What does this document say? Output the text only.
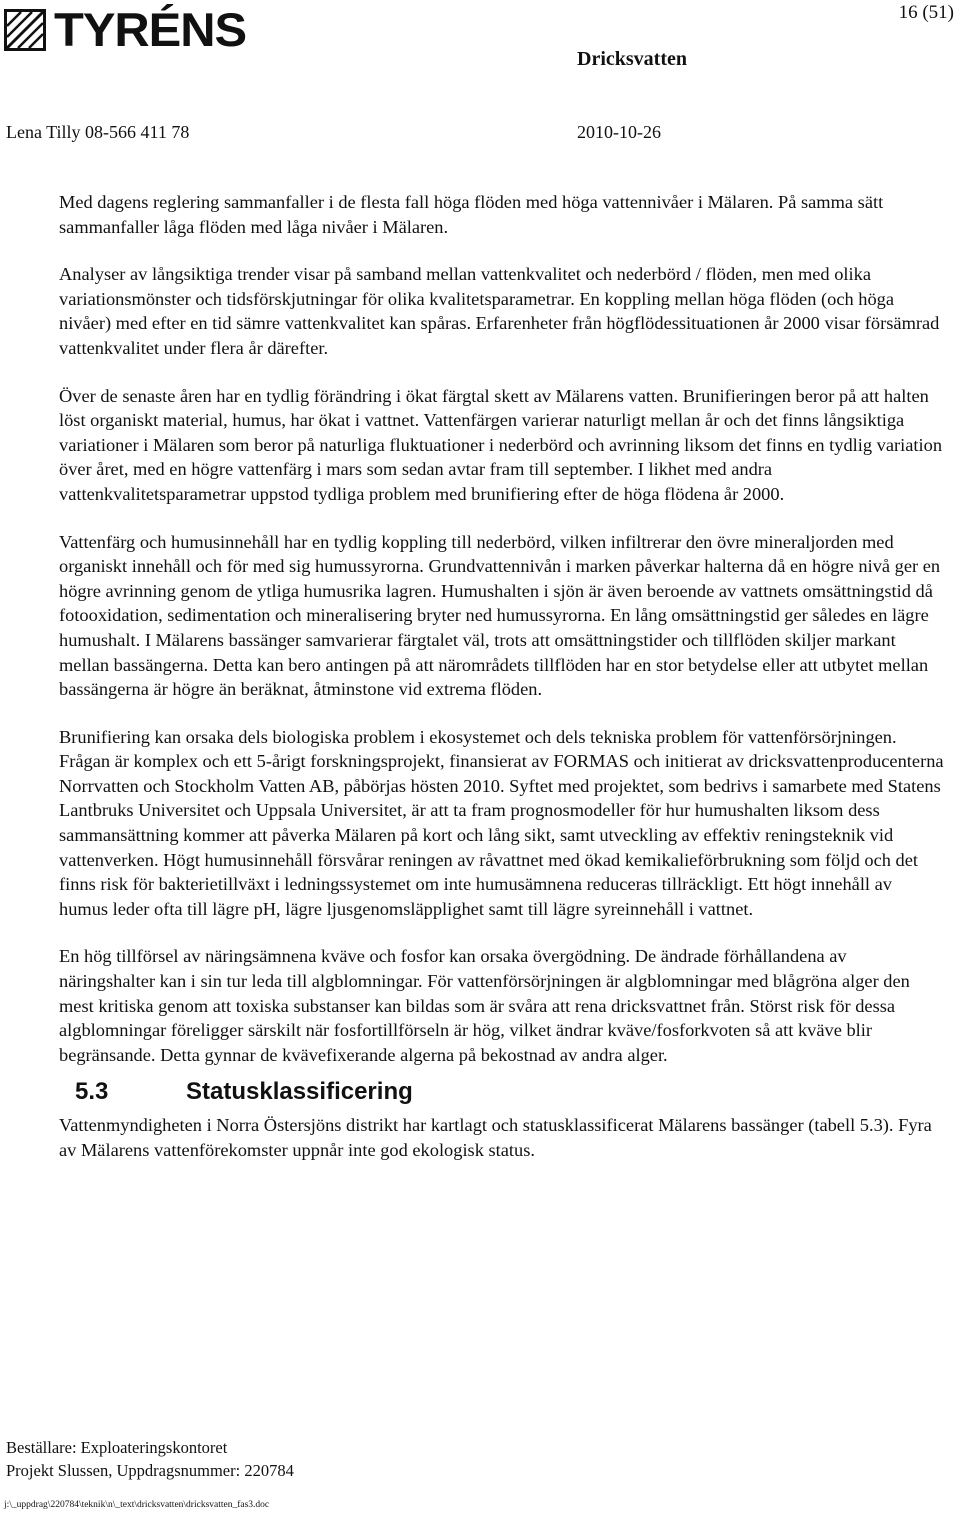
TYRÉNS	16 (51)
Dricksvatten
Lena Tilly 08-566 411 78	2010-10-26

Med dagens reglering sammanfaller i de flesta fall höga flöden med höga vattennivåer i Mälaren. På samma sätt sammanfaller låga flöden med låga nivåer i Mälaren.

Analyser av långsiktiga trender visar på samband mellan vattenkvalitet och nederbörd / flöden, men med olika variationsmönster och tidsförskjutningar för olika kvalitetsparametrar. En koppling mellan höga flöden (och höga nivåer) med efter en tid sämre vattenkvalitet kan spåras. Erfarenheter från högflödessituationen år 2000 visar försämrad vattenkvalitet under flera år därefter.

Över de senaste åren har en tydlig förändring i ökat färgtal skett av Mälarens vatten. Brunifieringen beror på att halten löst organiskt material, humus, har ökat i vattnet. Vattenfärgen varierar naturligt mellan år och det finns långsiktiga variationer i Mälaren som beror på naturliga fluktuationer i nederbörd och avrinning liksom det finns en tydlig variation över året, med en högre vattenfärg i mars som sedan avtar fram till september. I likhet med andra vattenkvalitetsparametrar uppstod tydliga problem med brunifiering efter de höga flödena år 2000.

Vattenfärg och humusinnehåll har en tydlig koppling till nederbörd, vilken infiltrerar den övre mineraljorden med organiskt innehåll och för med sig humussyrorna. Grundvattennivån i marken påverkar halterna då en högre nivå ger en högre avrinning genom de ytliga humusrika lagren. Humushalten i sjön är även beroende av vattnets omsättningstid då fotooxidation, sedimentation och mineralisering bryter ned humussyrorna. En lång omsättningstid ger således en lägre humushalt. I Mälarens bassänger samvarierar färgtalet väl, trots att omsättningstider och tillflöden skiljer markant mellan bassängerna. Detta kan bero antingen på att närområdets tillflöden har en stor betydelse eller att utbytet mellan bassängerna är högre än beräknat, åtminstone vid extrema flöden.

Brunifiering kan orsaka dels biologiska problem i ekosystemet och dels tekniska problem för vattenförsörjningen. Frågan är komplex och ett 5-årigt forskningsprojekt, finansierat av FORMAS och initierat av dricksvattenproducenterna Norrvatten och Stockholm Vatten AB, påbörjas hösten 2010. Syftet med projektet, som bedrivs i samarbete med Statens Lantbruks Universitet och Uppsala Universitet, är att ta fram prognosmodeller för hur humushalten liksom dess sammansättning kommer att påverka Mälaren på kort och lång sikt, samt utveckling av effektiv reningsteknik vid vattenverken. Högt humusinnehåll försvårar reningen av råvattnet med ökad kemikalieförbrukning som följd och det finns risk för bakterietillväxt i ledningssystemet om inte humusämnena reduceras tillräckligt. Ett högt innehåll av humus leder ofta till lägre pH, lägre ljusgenomsläpplighet samt till lägre syreinnehåll i vattnet.

En hög tillförsel av näringsämnena kväve och fosfor kan orsaka övergödning. De ändrade förhållandena av näringshalter kan i sin tur leda till algblomningar. För vattenförsörjningen är algblomningar med blågröna alger den mest kritiska genom att toxiska substanser kan bildas som är svåra att rena dricksvattnet från. Störst risk för dessa algblomningar föreligger särskilt när fosfortillförseln är hög, vilket ändrar kväve/fosforkvoten så att kväve blir begränsande. Detta gynnar de kvävefixerande algerna på bekostnad av andra alger.

5.3	Statusklassificering

Vattenmyndigheten i Norra Östersjöns distrikt har kartlagt och statusklassificerat Mälarens bassänger (tabell 5.3). Fyra av Mälarens vattenförekomster uppnår inte god ekologisk status.

Beställare: Exploateringskontoret
Projekt Slussen, Uppdragsnummer: 220784
j:\_uppdrag\220784\teknik\n\_text\dricksvatten\dricksvatten_fas3.doc
